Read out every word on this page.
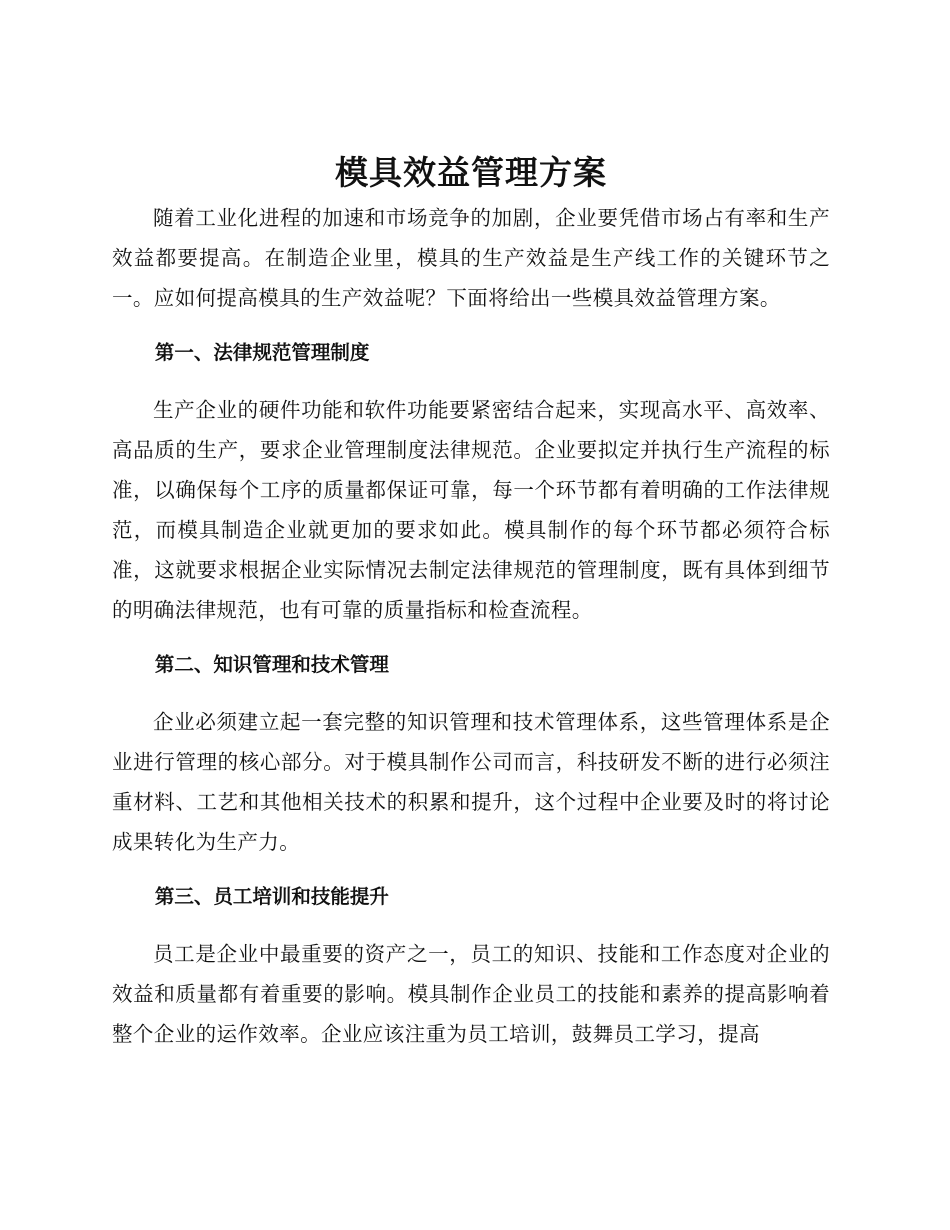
模具效益管理方案

随着工业化进程的加速和市场竞争的加剧，企业要凭借市场占有率和生产效益都要提高。在制造企业里，模具的生产效益是生产线工作的关键环节之一。应如何提高模具的生产效益呢？下面将给出一些模具效益管理方案。

第一、法律规范管理制度

生产企业的硬件功能和软件功能要紧密结合起来，实现高水平、高效率、高品质的生产，要求企业管理制度法律规范。企业要拟定并执行生产流程的标准，以确保每个工序的质量都保证可靠，每一个环节都有着明确的工作法律规范，而模具制造企业就更加的要求如此。模具制作的每个环节都必须符合标准，这就要求根据企业实际情况去制定法律规范的管理制度，既有具体到细节的明确法律规范，也有可靠的质量指标和检查流程。

第二、知识管理和技术管理

企业必须建立起一套完整的知识管理和技术管理体系，这些管理体系是企业进行管理的核心部分。对于模具制作公司而言，科技研发不断的进行必须注重材料、工艺和其他相关技术的积累和提升，这个过程中企业要及时的将讨论成果转化为生产力。

第三、员工培训和技能提升

员工是企业中最重要的资产之一，员工的知识、技能和工作态度对企业的效益和质量都有着重要的影响。模具制作企业员工的技能和素养的提高影响着整个企业的运作效率。企业应该注重为员工培训，鼓舞员工学习，提高
